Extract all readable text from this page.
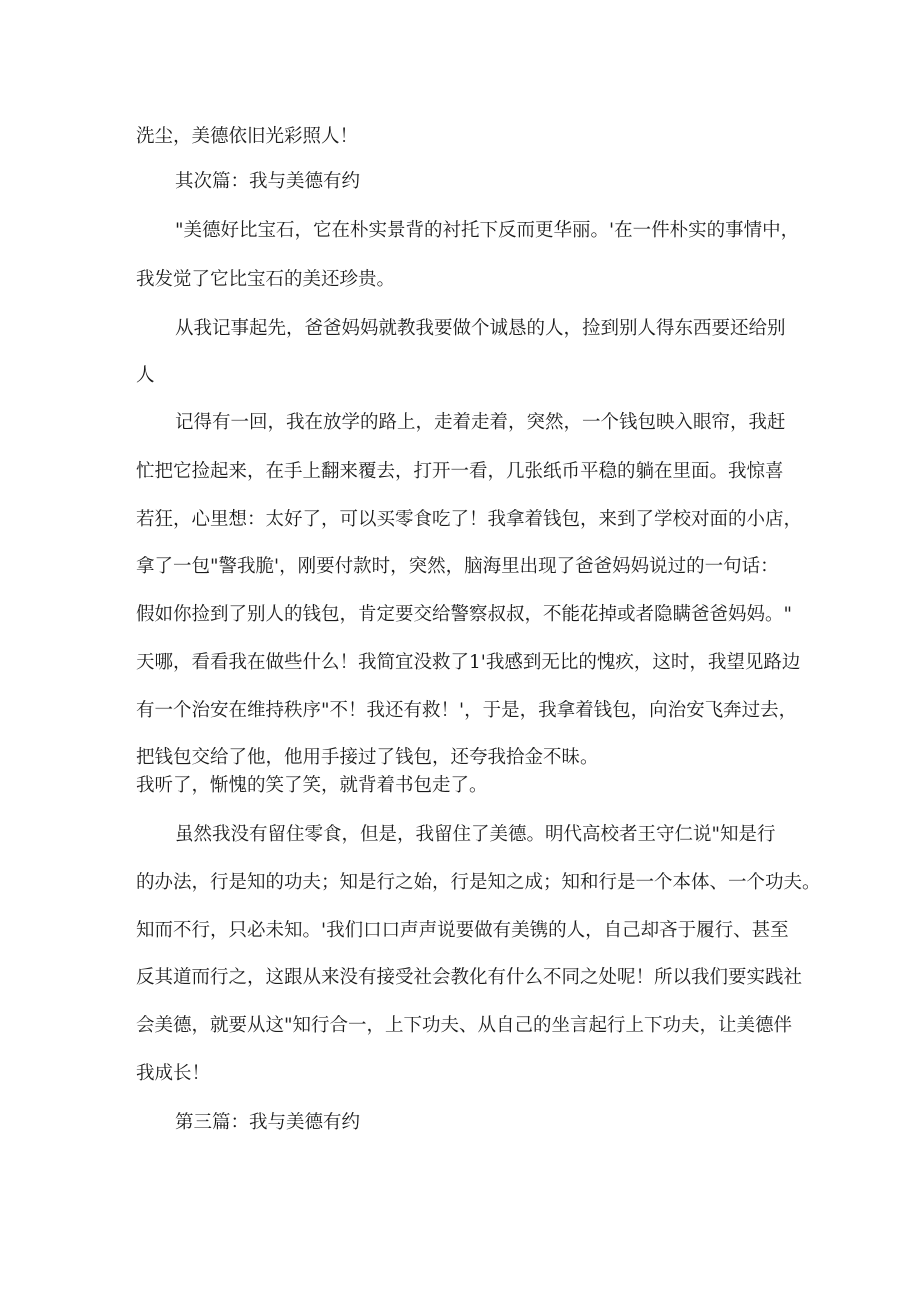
洗尘，美德依旧光彩照人！
其次篇：我与美德有约
"美德好比宝石，它在朴实景背的衬托下反而更华丽。'在一件朴实的事情中，
我发觉了它比宝石的美还珍贵。
从我记事起先，爸爸妈妈就教我要做个诚恳的人，捡到别人得东西要还给别
人
记得有一回，我在放学的路上，走着走着，突然，一个钱包映入眼帘，我赶
忙把它捡起来，在手上翻来覆去，打开一看，几张纸币平稳的躺在里面。我惊喜
若狂，心里想：太好了，可以买零食吃了！我拿着钱包，来到了学校对面的小店，
拿了一包"警我脆'，刚要付款时，突然，脑海里出现了爸爸妈妈说过的一句话：
假如你捡到了别人的钱包，肯定要交给警察叔叔，不能花掉或者隐瞒爸爸妈妈。"
天哪，看看我在做些什么！我简宜没救了1'我感到无比的愧疚，这时，我望见路边
有一个治安在维持秩序"不！我还有救！'，于是，我拿着钱包，向治安飞奔过去，
把钱包交给了他，他用手接过了钱包，还夸我拾金不昧。
我听了，惭愧的笑了笑，就背着书包走了。
虽然我没有留住零食，但是，我留住了美德。明代高校者王守仁说"知是行
的办法，行是知的功夫；知是行之始，行是知之成；知和行是一个本体、一个功夫。
知而不行，只必未知。'我们口口声声说要做有美镌的人，自己却吝于履行、甚至
反其道而行之，这跟从来没有接受社会教化有什么不同之处呢！所以我们要实践社
会美德，就要从这"知行合一，上下功夫、从自己的坐言起行上下功夫，让美德伴
我成长！
第三篇：我与美德有约
